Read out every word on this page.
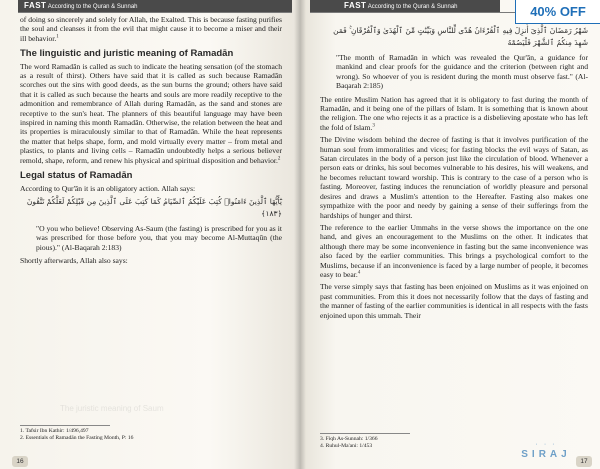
FAST According to the Quran & Sunnah

of doing so sincerely and solely for Allah, the Exalted. This is because fasting purifies the soul and cleanses it from the evil that might cause it to become a miser and their ill behavior.$^1$

The linguistic and juristic meaning of Ramadān

The word Ramadān is called as such to indicate the heating sensation (of the stomach as a result of thirst). Others have said that it is called as such because Ramadān scorches out the sins with good deeds, as the sun burns the ground; others have said that it is called as such because the hearts and souls are more readily receptive to the admonition and remembrance of Allah during Ramadān, as the sand and stones are receptive to the sun's heat. The planners of this beautiful language may have been inspired in naming this month Ramadān. Otherwise, the relation between the heat and its properties is miraculously similar to that of Ramadān. While the heat represents the matter that helps shape, form, and mold virtually every matter – from metal and plastics, to plants and living cells – Ramadān undoubtedly helps a serious believer remold, shape, reform, and renew his physical and spiritual disposition and behavior.$^2$

Legal status of Ramadān

According to Qur'ān it is an obligatory action. Allah says:

يَٰٓأَيُّهَا ٱلَّذِينَ ءَامَنُوا۟ كُتِبَ عَلَيْكُمُ ٱلصِّيَامُ كَمَا كُتِبَ عَلَى ٱلَّذِينَ مِن قَبْلِكُمْ لَعَلَّكُمْ تَتَّقُونَ ﴿١٨٣﴾

"O you who believe! Observing As-Saum (the fasting) is prescribed for you as it was prescribed for those before you, that you may become Al-Muttaqūn (the pious)." (Al-Baqarah 2:183)

Shortly afterwards, Allah also says:

The juristic meaning of Saum
1. Tafsir Ibn Kathir: 1/496,497
2. Essentials of Ramadān the Fasting Month, P: 16
16
FAST According to the Quran & Sunnah
شَهْرُ رَمَضَانَ ٱلَّذِىٓ أُنزِلَ فِيهِ ٱلْقُرْءَانُ هُدًى لِّلنَّاسِ وَبَيِّنَٰتٍ مِّنَ ٱلْهُدَىٰ وَٱلْفُرْقَانِ ۚ فَمَن شَهِدَ مِنكُمُ ٱلشَّهْرَ فَلْيَصُمْهُ

"The month of Ramadān in which was revealed the Qur'ān, a guidance for mankind and clear proofs for the guidance and the criterion (between right and wrong). So whoever of you is resident during the month must observe fast." (Al-Baqarah 2:185)

The entire Muslim Nation has agreed that it is obligatory to fast during the month of Ramadān, and it being one of the pillars of Islam. It is something that is known about the religion. The one who rejects it as a practice is a disbelieving apostate who has left the fold of Islam.$^3$

The Divine wisdom behind the decree of fasting is that it involves purification of the human soul from immoralities and vices; for fasting blocks the evil ways of Satan, as Satan circulates in the body of a person just like the circulation of blood. Whenever a person eats or drinks, his soul becomes vulnerable to his desires, his will weakens, and he becomes reluctant toward worship. This is contrary to the case of a person who is fasting. Moreover, fasting induces the renunciation of worldly pleasure and personal desires and draws a Muslim's attention to the Hereafter. Fasting also makes one sympathize with the poor and needy by gaining a sense of their sufferings from the hardships of hunger and thirst.

The reference to the earlier Ummahs in the verse shows the importance on the one hand, and gives an encouragement to the Muslims on the other. It indicates that although there may be some inconvenience in fasting but the same inconvenience was also faced by the earlier communities. This brings a psychological comfort to the Muslims, because if an inconvenience is faced by a large number of people, it becomes easy to bear.$^4$

The verse simply says that fasting has been enjoined on Muslims as it was enjoined on past communities. From this it does not necessarily follow that the days of fasting and the manner of fasting of the earlier communities is identical in all respects with the fasts enjoined upon this ummah. Their

3. Fiqh As-Sunnah: 1/366
4. Ruhul-Ma'ani: 1/453
17
40% OFF
· · ·
SIRAJ
